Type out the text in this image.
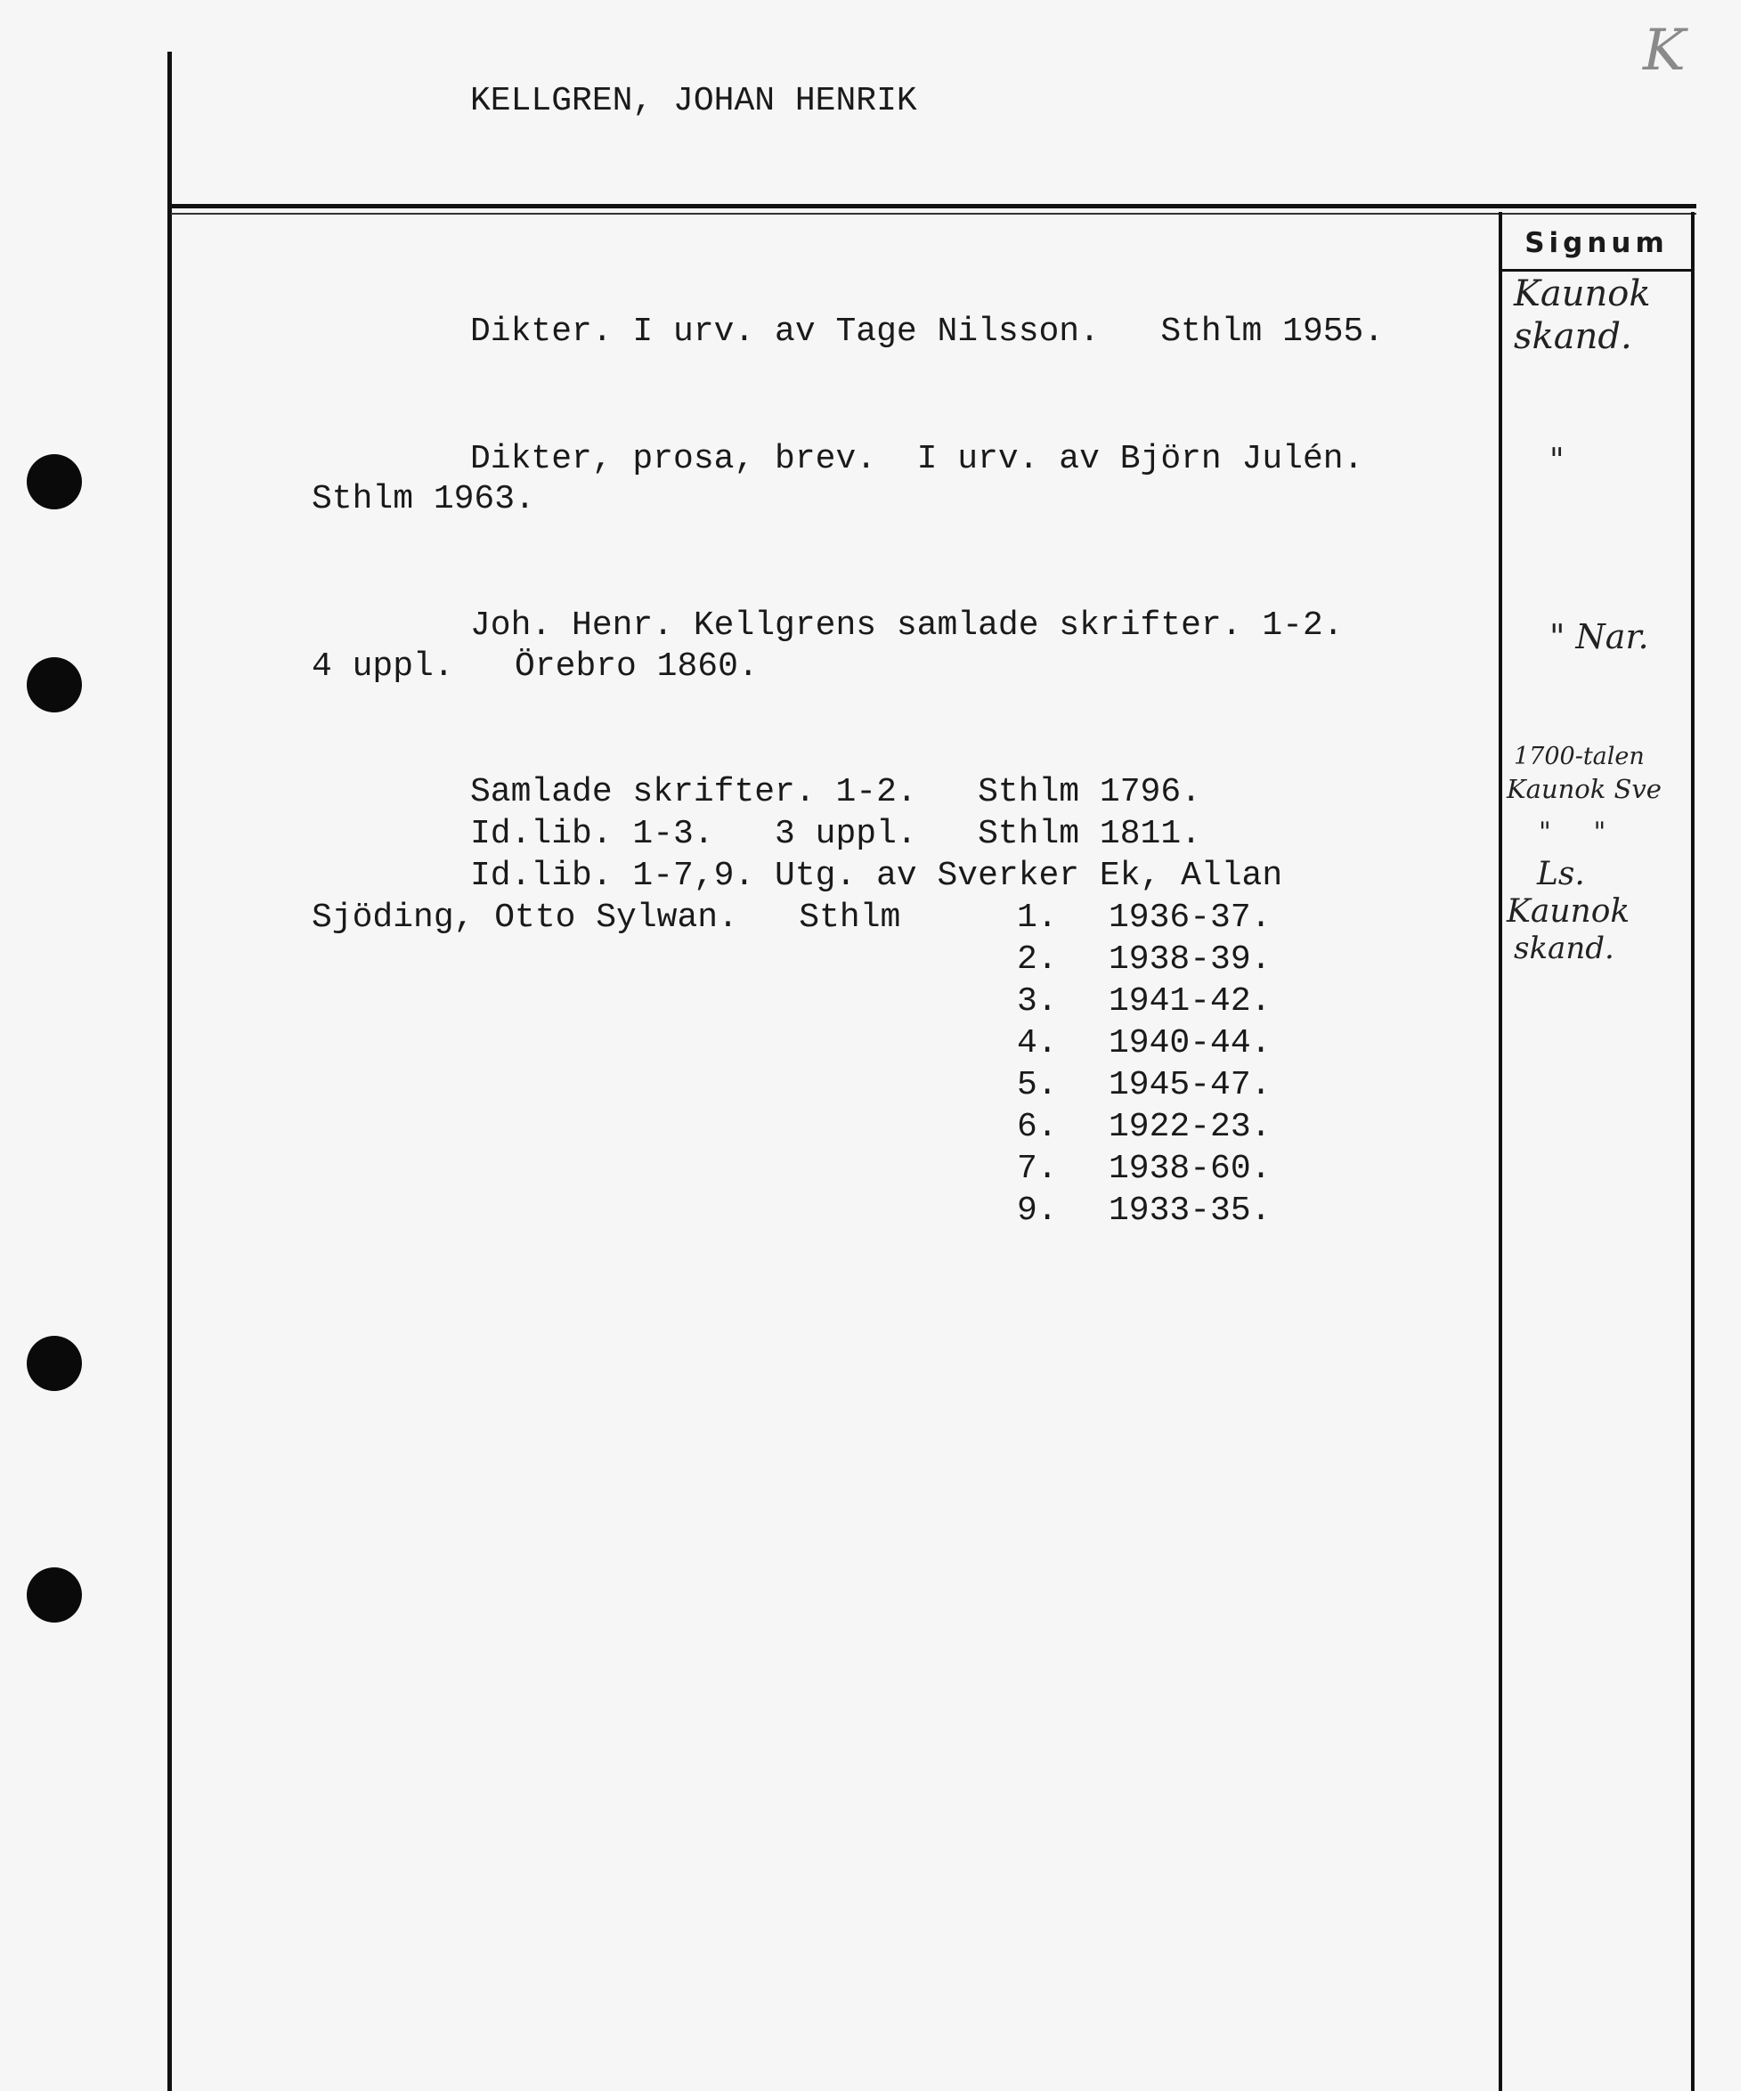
K
Signum
KELLGREN, JOHAN HENRIK
Dikter. I urv. av Tage Nilsson.   Sthlm 1955.
Dikter, prosa, brev.  I urv. av Björn Julén.
Sthlm 1963.
Joh. Henr. Kellgrens samlade skrifter. 1-2.
4 uppl.   Örebro 1860.
Samlade skrifter. 1-2.   Sthlm 1796.
Id.lib. 1-3.   3 uppl.   Sthlm 1811.
Id.lib. 1-7,9. Utg. av Sverker Ek, Allan
Sjöding, Otto Sylwan.   Sthlm	1. 1936-37.
2. 1938-39.
3. 1941-42.
4. 1940-44.
5. 1945-47.
6. 1922-23.
7. 1938-60.
9. 1933-35.
Kaunok
skand.
"
" Nar.
1700-talen
Kaunok Sve
"     "
Ls.
Kaunok
skand.
